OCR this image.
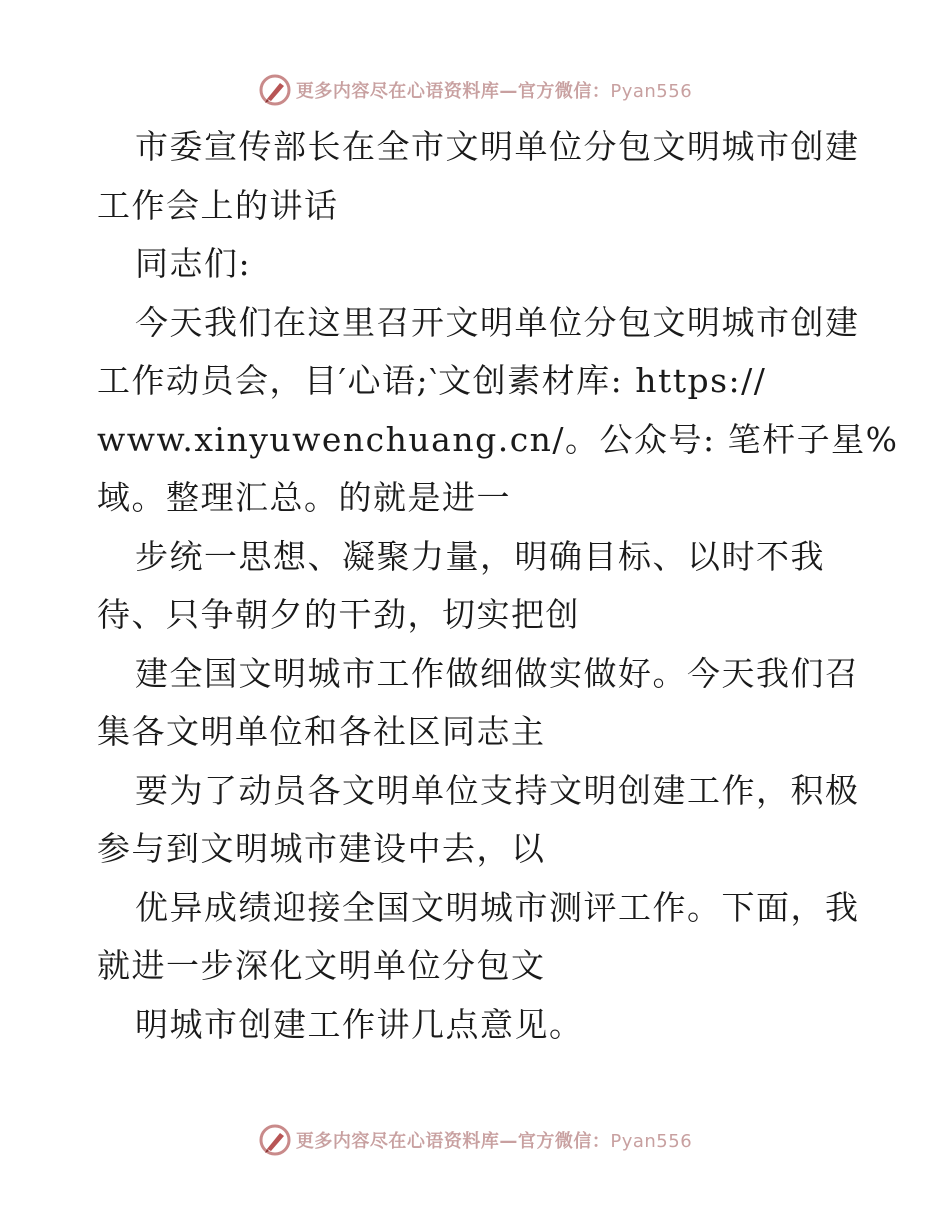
更多内容尽在心语资料库—官方微信：Pyan556
市委宣传部长在全市文明单位分包文明城市创建
工作会上的讲话
同志们:
今天我们在这里召开文明单位分包文明城市创建
工作动员会，目′心语;‵文创素材库: https://
www.xinyuwenchuang.cn/。公众号: 笔杆子星%
域。整理汇总。的就是进一
步统一思想、凝聚力量，明确目标、以时不我
待、只争朝夕的干劲，切实把创
建全国文明城市工作做细做实做好。今天我们召
集各文明单位和各社区同志主
要为了动员各文明单位支持文明创建工作，积极
参与到文明城市建设中去，以
优异成绩迎接全国文明城市测评工作。下面，我
就进一步深化文明单位分包文
明城市创建工作讲几点意见。
更多内容尽在心语资料库—官方微信：Pyan556
